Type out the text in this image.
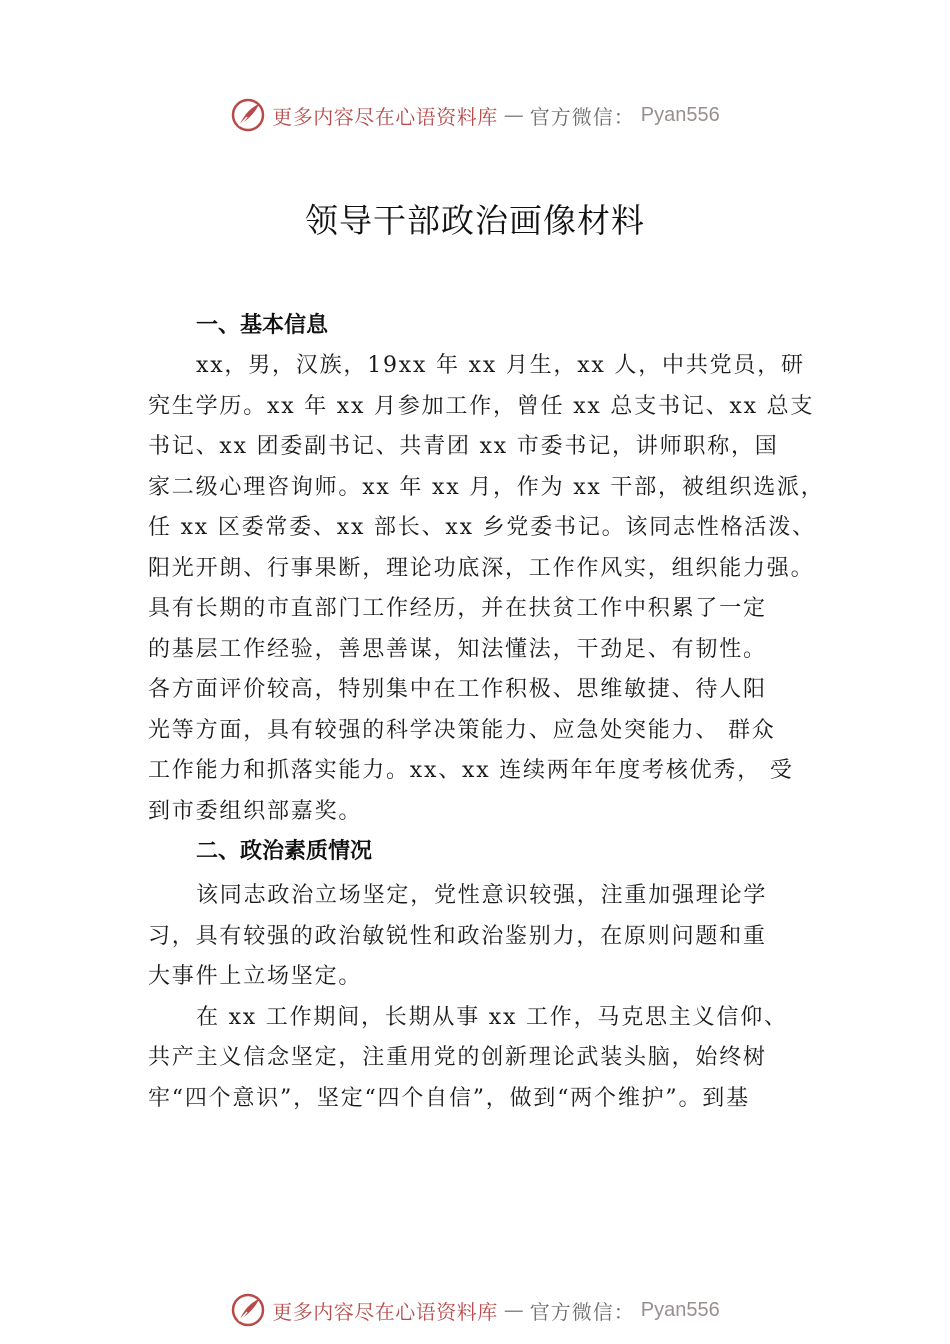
更多内容尽在心语资料库 — 官方微信： Pyan556
领导干部政治画像材料
一、基本信息
xx，男，汉族，19xx 年 xx 月生，xx 人，中共党员，研
究生学历。xx 年 xx 月参加工作，曾任 xx 总支书记、xx 总支
书记、xx 团委副书记、共青团 xx 市委书记，讲师职称，国
家二级心理咨询师。xx 年 xx 月，作为 xx 干部，被组织选派，
任 xx 区委常委、xx 部长、xx 乡党委书记。该同志性格活泼、
阳光开朗、行事果断，理论功底深，工作作风实，组织能力强。
具有长期的市直部门工作经历，并在扶贫工作中积累了一定
的基层工作经验，善思善谋，知法懂法，干劲足、有韧性。
各方面评价较高，特别集中在工作积极、思维敏捷、待人阳
光等方面，具有较强的科学决策能力、应急处突能力、 群众
工作能力和抓落实能力。xx、xx 连续两年年度考核优秀， 受
到市委组织部嘉奖。
二、政治素质情况
该同志政治立场坚定，党性意识较强，注重加强理论学
习，具有较强的政治敏锐性和政治鉴别力，在原则问题和重
大事件上立场坚定。
在 xx 工作期间，长期从事 xx 工作，马克思主义信仰、
共产主义信念坚定，注重用党的创新理论武装头脑，始终树
牢“四个意识”，坚定“四个自信”，做到“两个维护”。到基
更多内容尽在心语资料库 — 官方微信： Pyan556
